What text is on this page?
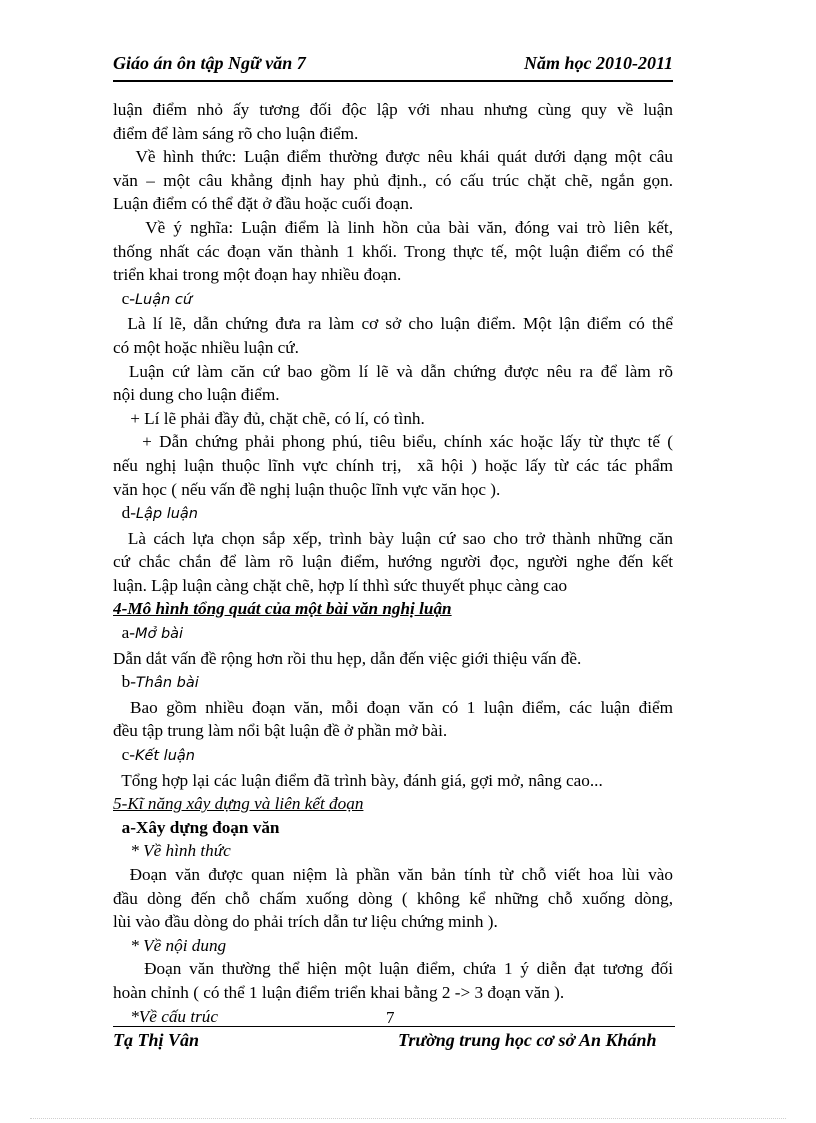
Giáo án ôn tập Ngữ văn 7	Năm học 2010-2011
luận điểm nhỏ ấy tương đối độc lập với nhau nhưng cùng quy về luận
điểm để làm sáng rõ cho luận điểm.
Về hình thức: Luận điểm thường được nêu khái quát dưới dạng một câu
văn – một câu khẳng định hay phủ định., có cấu trúc chặt chẽ, ngắn gọn.
Luận điểm có thể đặt ở đầu hoặc cuối đoạn.
Về ý nghĩa: Luận điểm là linh hồn của bài văn, đóng vai trò liên kết,
thống nhất các đoạn văn thành 1 khối. Trong thực tế, một luận điểm có thể
triển khai trong một đoạn hay nhiều đoạn.
c-Luận cứ
Là lí lẽ, dẫn chứng đưa ra làm cơ sở cho luận điểm. Một lận điểm có thể
có một hoặc nhiều luận cứ.
Luận cứ làm căn cứ bao gồm lí lẽ và dẫn chứng được nêu ra để làm rõ
nội dung cho luận điểm.
+ Lí lẽ phải đầy đủ, chặt chẽ, có lí, có tình.
+ Dẫn chứng phải phong phú, tiêu biểu, chính xác hoặc lấy từ thực tế (
nếu nghị luận thuộc lĩnh vực chính trị,  xã hội ) hoặc lấy từ các tác phẩm
văn học ( nếu vấn đề nghị luận thuộc lĩnh vực văn học ).
d-Lập luận
Là cách lựa chọn sắp xếp, trình bày luận cứ sao cho trở thành những căn
cứ chắc chắn để làm rõ luận điểm, hướng người đọc, người nghe đến kết
luận. Lập luận càng chặt chẽ, hợp lí thhì sức thuyết phục càng cao
4-Mô hình tổng quát của một bài văn nghị luận
a-Mở bài
Dẫn dắt vấn đề rộng hơn rồi thu hẹp, dẫn đến việc giới thiệu vấn đề.
b-Thân bài
Bao gồm nhiều đoạn văn, mỗi đoạn văn có 1 luận điểm, các luận điểm
đều tập trung làm nổi bật luận đề ở phần mở bài.
c-Kết luận
Tổng hợp lại các luận điểm đã trình bày, đánh giá, gợi mở, nâng cao...
5-Kĩ năng xây dựng và liên kết đoạn
a-Xây dựng đoạn văn
* Về hình thức
Đoạn văn được quan niệm là phần văn bản tính từ chỗ viết hoa lùi vào
đầu dòng đến chỗ chấm xuống dòng ( không kể những chỗ xuống dòng,
lùi vào đầu dòng do phải trích dẫn tư liệu chứng minh ).
* Về nội dung
Đoạn văn thường thể hiện một luận điểm, chứa 1 ý diễn đạt tương đối
hoàn chỉnh ( có thể 1 luận điểm triển khai bằng 2 -> 3 đoạn văn ).
*Về cấu trúc	7
Tạ Thị Vân	Trường trung học cơ sở An Khánh
